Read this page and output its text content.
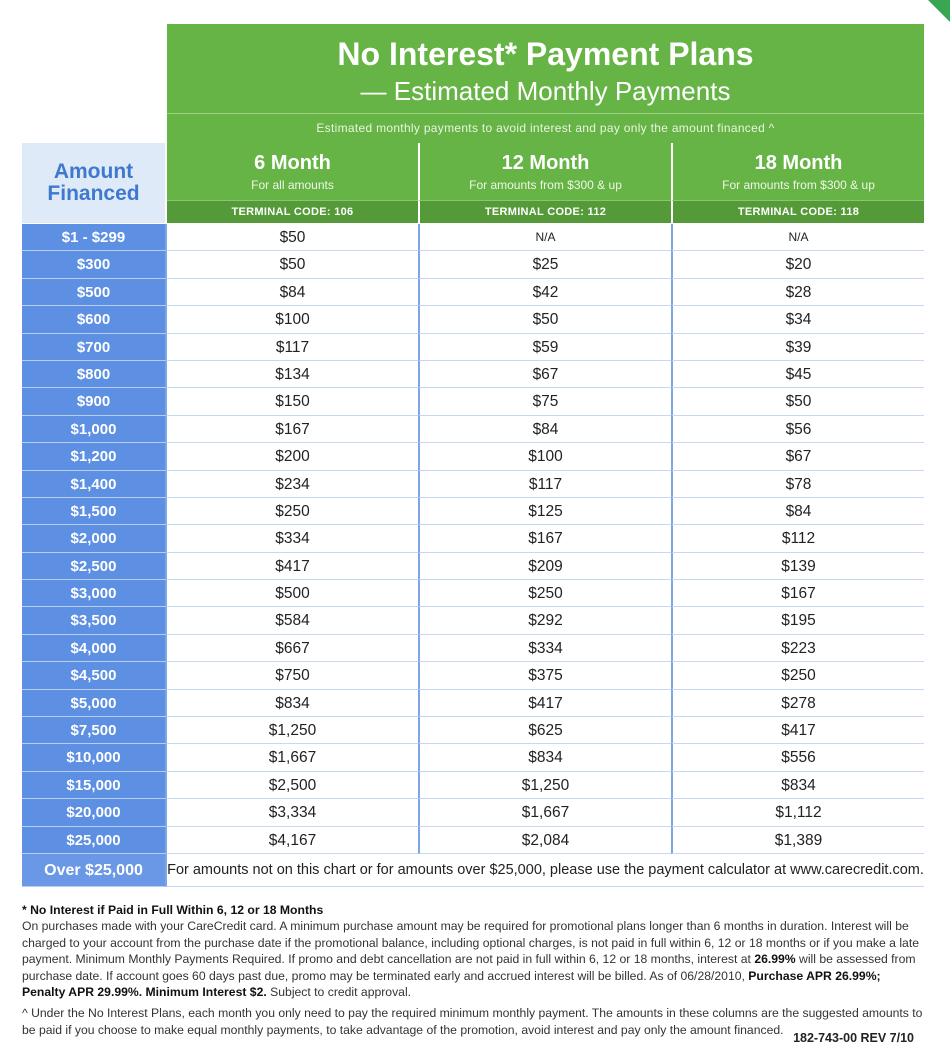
No Interest* Payment Plans
— Estimated Monthly Payments
Estimated monthly payments to avoid interest and pay only the amount financed ^
Amount
Financed
6 Month
For all amounts
12 Month
For amounts from $300 & up
18 Month
For amounts from $300 & up
TERMINAL CODE: 106	TERMINAL CODE: 112	TERMINAL CODE: 118
$1 - $299	$50	N/A	N/A
$300	$50	$25	$20
$500	$84	$42	$28
$600	$100	$50	$34
$700	$117	$59	$39
$800	$134	$67	$45
$900	$150	$75	$50
$1,000	$167	$84	$56
$1,200	$200	$100	$67
$1,400	$234	$117	$78
$1,500	$250	$125	$84
$2,000	$334	$167	$112
$2,500	$417	$209	$139
$3,000	$500	$250	$167
$3,500	$584	$292	$195
$4,000	$667	$334	$223
$4,500	$750	$375	$250
$5,000	$834	$417	$278
$7,500	$1,250	$625	$417
$10,000	$1,667	$834	$556
$15,000	$2,500	$1,250	$834
$20,000	$3,334	$1,667	$1,112
$25,000	$4,167	$2,084	$1,389
Over $25,000	For amounts not on this chart or for amounts over $25,000, please use the payment calculator at www.carecredit.com.

* No Interest if Paid in Full Within 6, 12 or 18 Months
On purchases made with your CareCredit card. A minimum purchase amount may be required for promotional plans longer than 6 months in duration. Interest will be charged to your account from the purchase date if the promotional balance, including optional charges, is not paid in full within 6, 12 or 18 months or if you make a late payment. Minimum Monthly Payments Required. If promo and debt cancellation are not paid in full within 6, 12 or 18 months, interest at 26.99% will be assessed from purchase date. If account goes 60 days past due, promo may be terminated early and accrued interest will be billed. As of 06/28/2010, Purchase APR 26.99%; Penalty APR 29.99%. Minimum Interest $2. Subject to credit approval.

^ Under the No Interest Plans, each month you only need to pay the required minimum monthly payment. The amounts in these columns are the suggested amounts to be paid if you choose to make equal monthly payments, to take advantage of the promotion, avoid interest and pay only the amount financed.

182-743-00 REV 7/10
